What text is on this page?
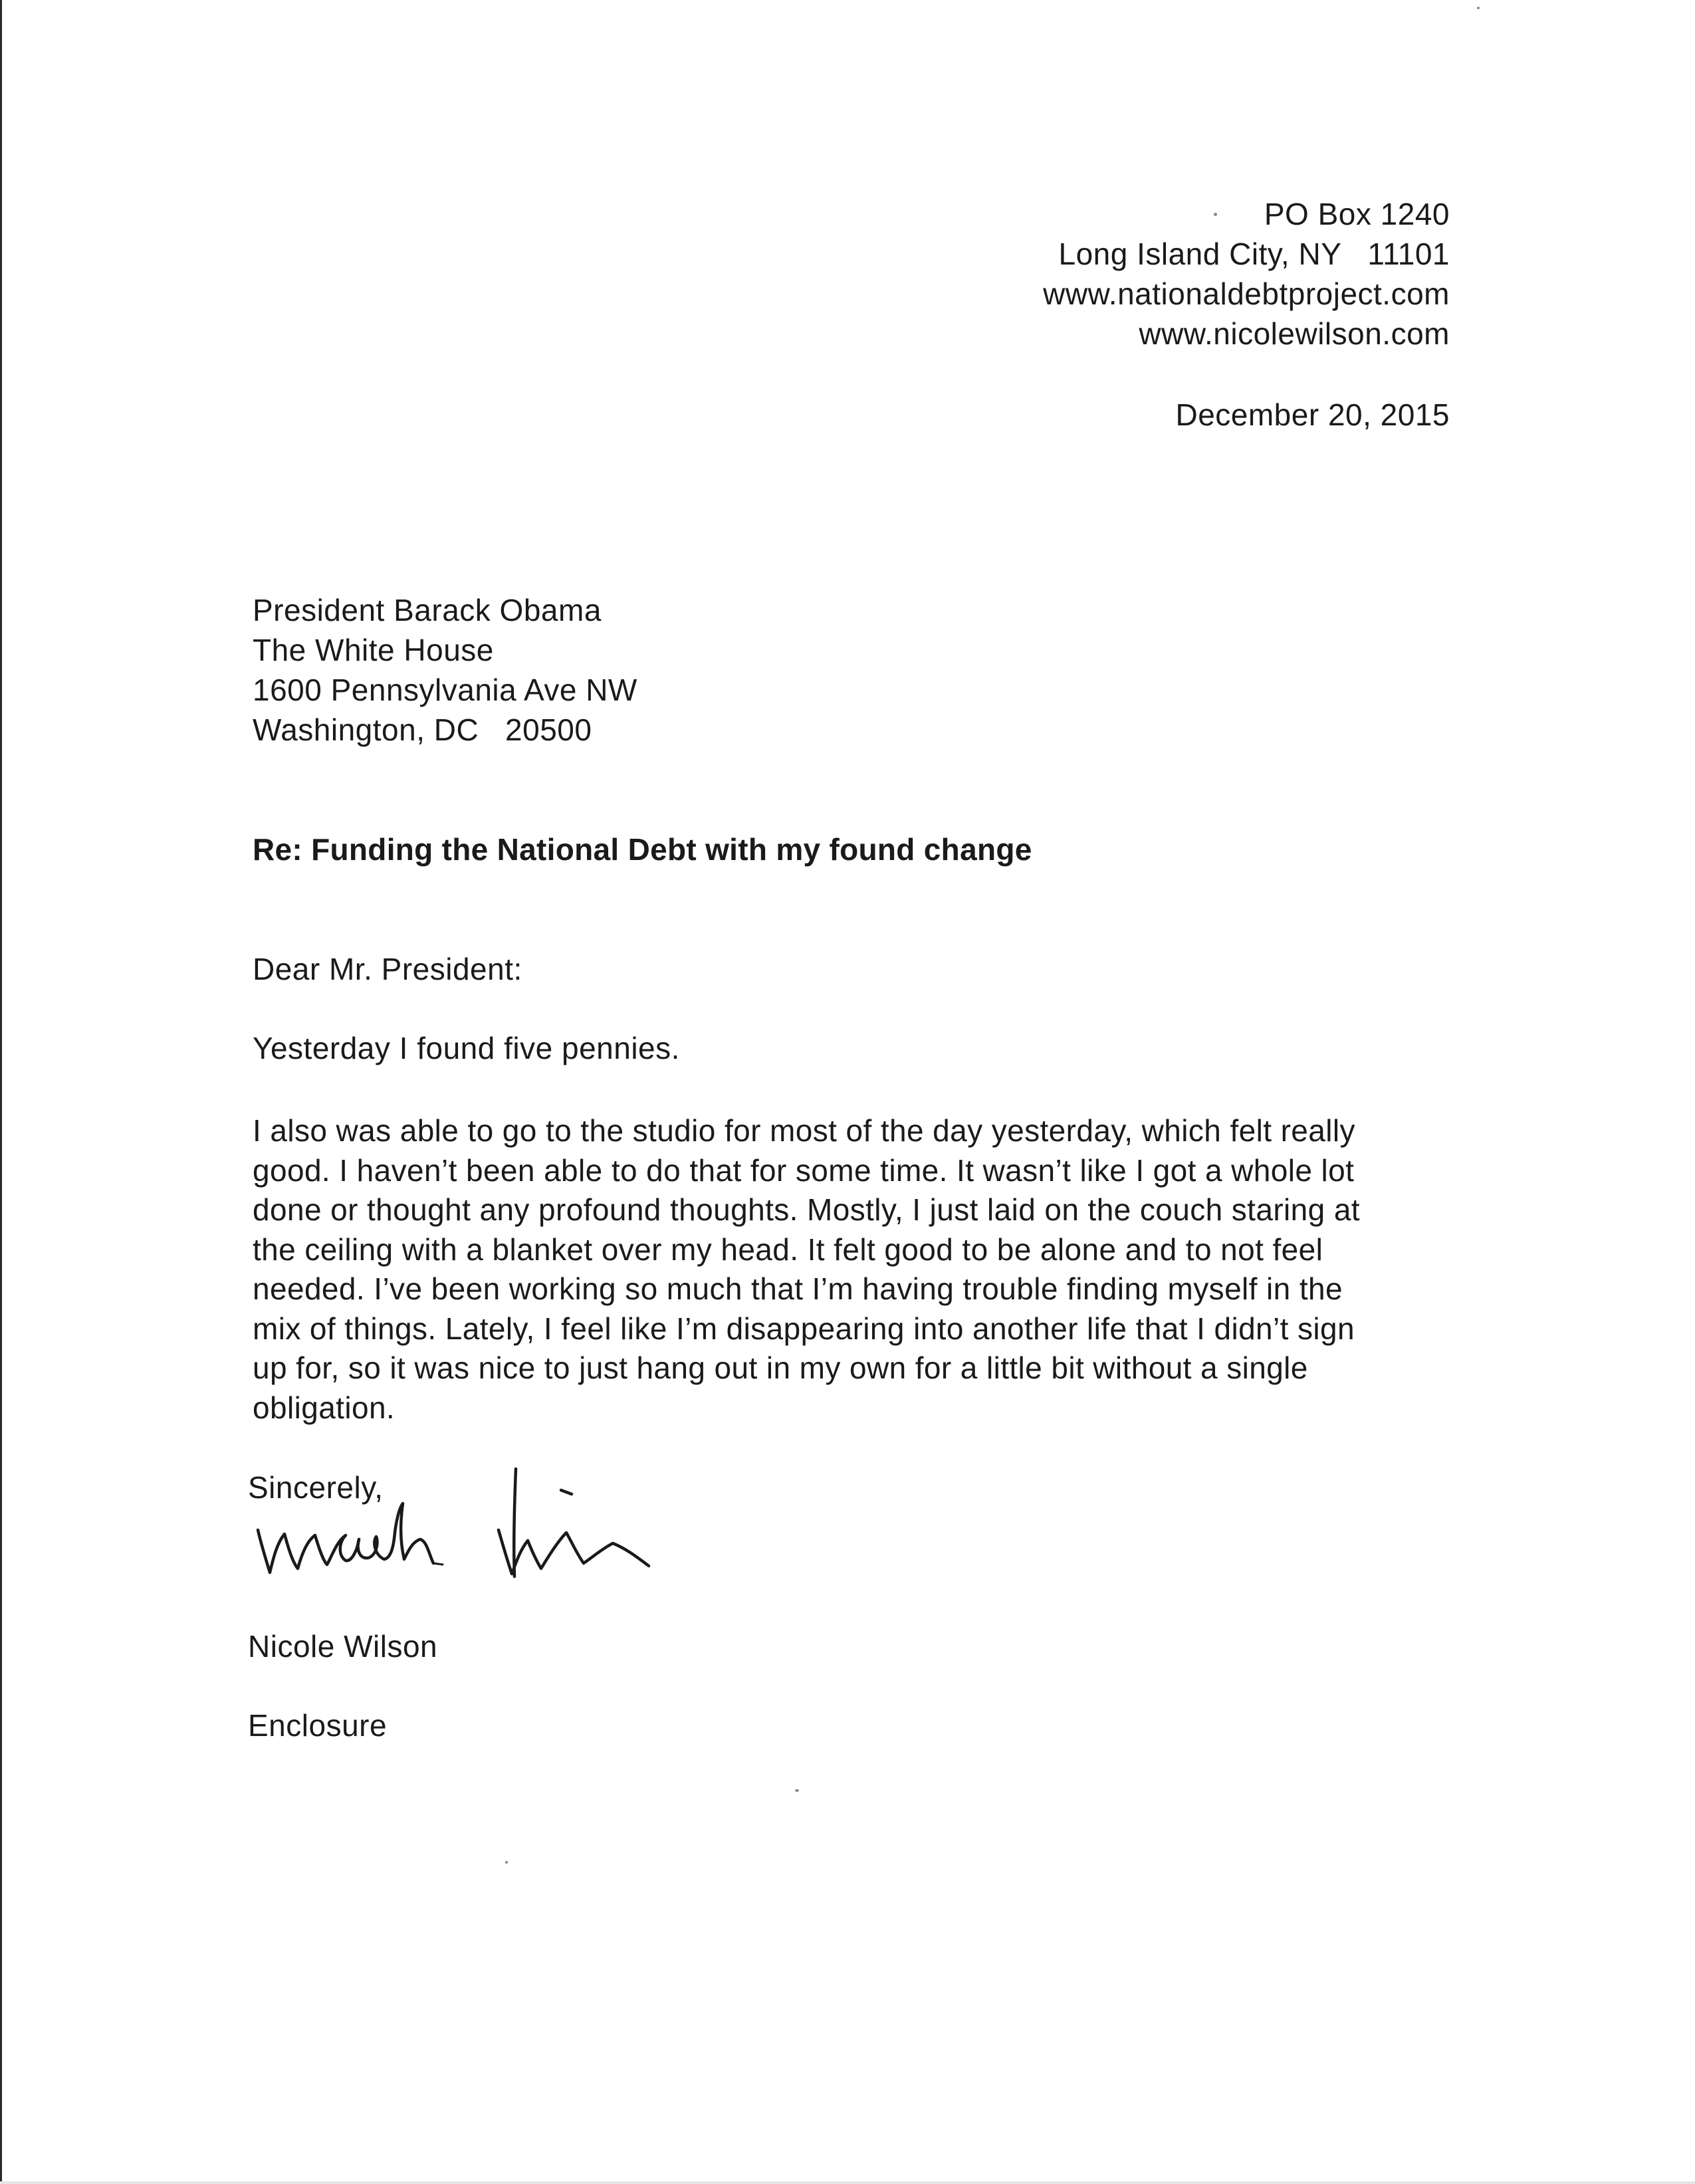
PO Box 1240
Long Island City, NY   11101
www.nationaldebtproject.com
www.nicolewilson.com
December 20, 2015
President Barack Obama
The White House
1600 Pennsylvania Ave NW
Washington, DC   20500
Re: Funding the National Debt with my found change
Dear Mr. President:
Yesterday I found five pennies.
I also was able to go to the studio for most of the day yesterday, which felt really
good. I haven’t been able to do that for some time. It wasn’t like I got a whole lot
done or thought any profound thoughts. Mostly, I just laid on the couch staring at
the ceiling with a blanket over my head. It felt good to be alone and to not feel
needed. I’ve been working so much that I’m having trouble finding myself in the
mix of things. Lately, I feel like I’m disappearing into another life that I didn’t sign
up for, so it was nice to just hang out in my own for a little bit without a single
obligation.
Sincerely,
Nicole Wilson
Enclosure
